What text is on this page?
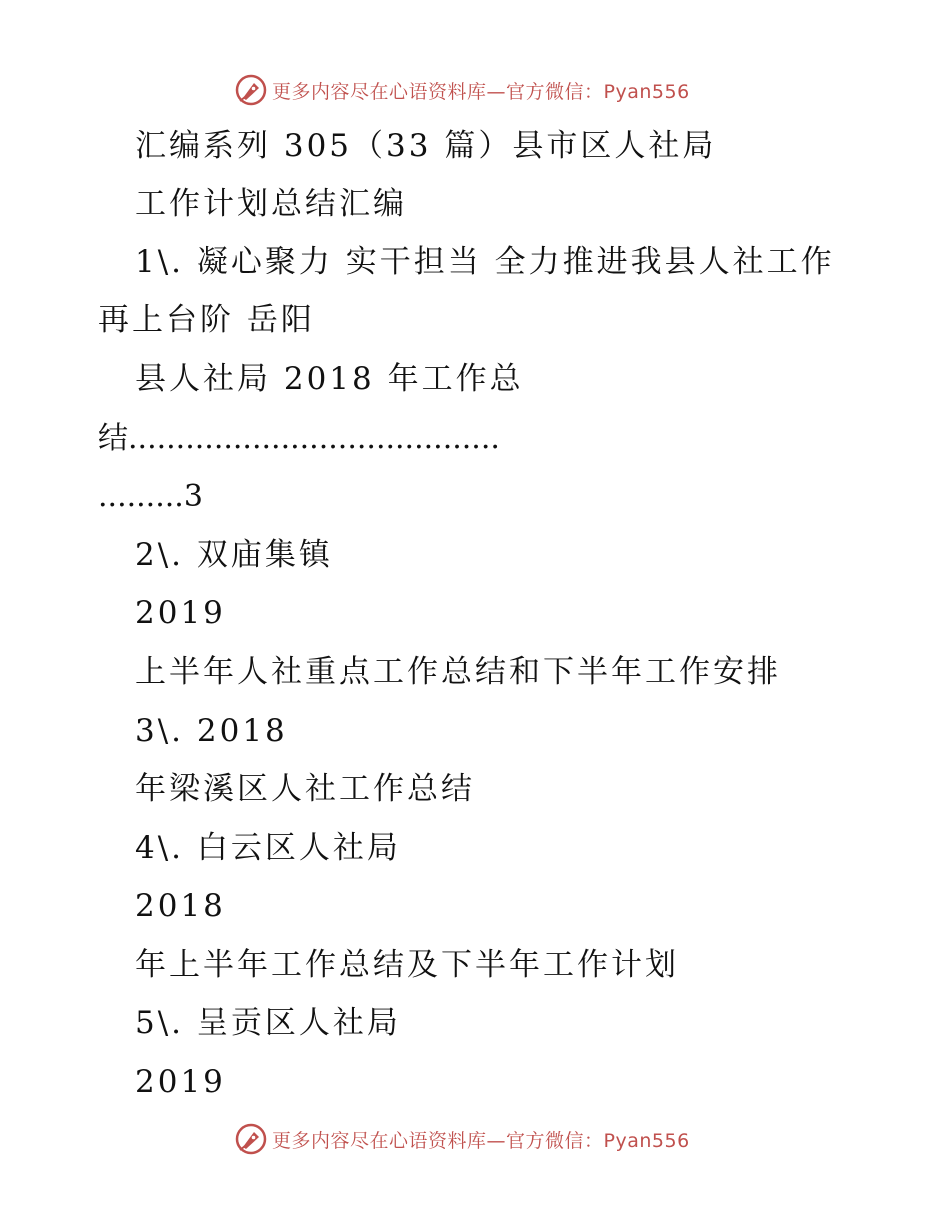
更多内容尽在心语资料库—官方微信：Pyan556
汇编系列 305（33 篇）县市区人社局
工作计划总结汇编
1\. 凝心聚力 实干担当 全力推进我县人社工作
再上台阶 岳阳
县人社局 2018 年工作总
结.......................................
.........3
2\. 双庙集镇
2019
上半年人社重点工作总结和下半年工作安排
3\. 2018
年梁溪区人社工作总结
4\. 白云区人社局
2018
年上半年工作总结及下半年工作计划
5\. 呈贡区人社局
2019
更多内容尽在心语资料库—官方微信：Pyan556
